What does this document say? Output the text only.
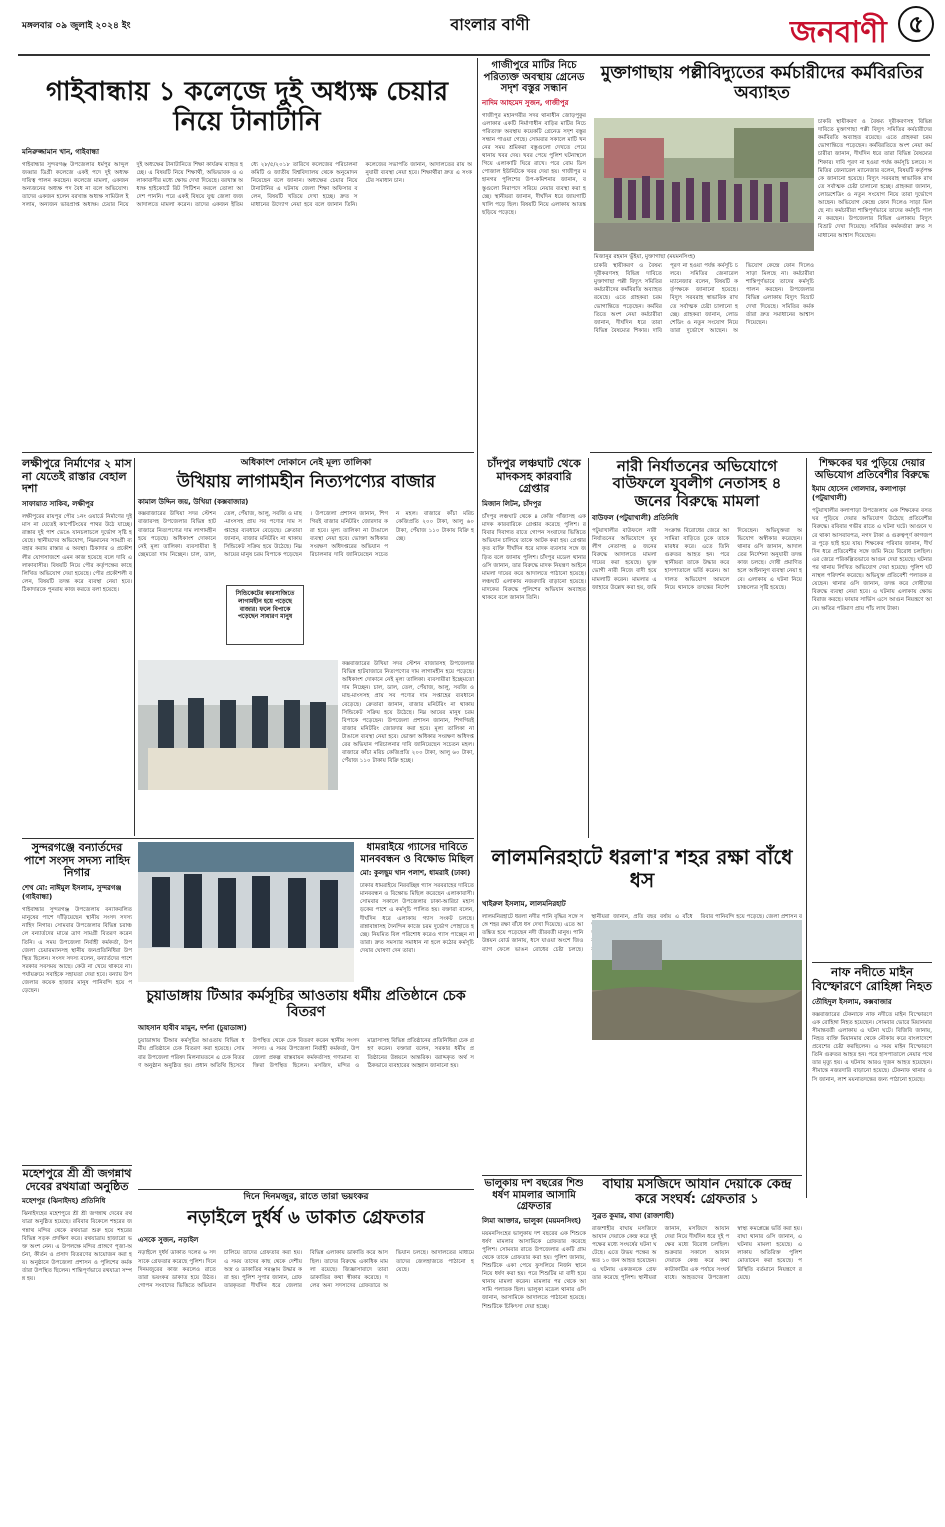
মঙ্গলবার ০৯ জুলাই ২০২৪ ইং	বাংলার বাণী	জনবাণী ৫
গাইবান্ধায় ১ কলেজে দুই অধ্যক্ষ চেয়ার নিয়ে টানাটানি
মনিরুজ্জামান খান, গাইবান্ধা
গাইবান্ধার সুন্দরগঞ্জ উপজেলার ধর্মপুর আব্দুল জব্বার ডিগ্রী কলেজে একই পদে দুই অধ্যক্ষ দায়িত্ব পালন করছেন। কলেজে মামলা, একজন অন্যজনের অধ্যক্ষ পদ বৈধ না বলে অভিযোগ। তাদের একজন হলেন বরখাস্ত অধ্যক্ষ সামিউল ইসলাম, অন্যজন ভারপ্রাপ্ত অধ্যক্ষ। চেয়ার নিয়ে দুই অধ্যক্ষের টানাটানিতে শিক্ষা কার্যক্রম ব্যাহত হচ্ছে। এ বিষয়টি নিয়ে শিক্ষার্থী, অভিভাবক ও এলাকাবাসীর মধ্যে ক্ষোভ দেখা দিয়েছে। বরখাস্ত অধ্যক্ষ হাইকোর্টে রিট পিটিশন করলে তোলা আদেশ পাননি। পরে একই বিষয়ে যুগ্ম জেলা জজ আদালতে মামলা করেন। তাদের একজন ইতিমধ্যে ২৮/৫/২০১৮ তারিখে কলেজের পরিচালনা কমিটি ও জাতীয় বিশ্ববিদ্যালয় থেকে অনুমোদন নিয়েছেন বলে জানান। অধ্যক্ষের চেয়ার নিয়ে টানাটানির এ ঘটনায় জেলা শিক্ষা অফিসার বলেন, বিষয়টি খতিয়ে দেখা হচ্ছে। দ্রুত সমাধানের উদ্যোগ নেয়া হবে বলে জানান তিনি। কলেজের সভাপতি জানান, আদালতের রায় অনুযায়ী ব্যবস্থা নেয়া হবে। শিক্ষার্থীরা দ্রুত এ সংকটের সমাধান চান।
গাজীপুরে মাটির নিচে পরিত্যক্ত অবস্থায় গ্রেনেড সদৃশ বস্তুর সন্ধান
নাদিম আহমেদ সুজন, গাজীপুর
গাজীপুর মহানগরীর সদর থানাধীন জোড়পুকুর এলাকার একটি নির্মাণাধীন বাড়ির মাটির নিচে পরিত্যক্ত অবস্থায় কয়েকটি গ্রেনেড সদৃশ বস্তুর সন্ধান পাওয়া গেছে। সোমবার সকালে মাটি খননের সময় শ্রমিকরা বস্তুগুলো দেখতে পেয়ে থানায় খবর দেয়। খবর পেয়ে পুলিশ ঘটনাস্থলে গিয়ে এলাকাটি ঘিরে রাখে। পরে বোম ডিসপোজাল ইউনিটকে খবর দেয়া হয়। গাজীপুর মহানগর পুলিশের উপ-কমিশনার জানান, বস্তুগুলো নিরাপদে সরিয়ে নেয়ার ব্যবস্থা করা হচ্ছে। স্থানীয়রা জানান, দীর্ঘদিন ধরে জায়গাটি খালি পড়ে ছিল। বিষয়টি নিয়ে এলাকায় আতঙ্ক ছড়িয়ে পড়েছে।
মুক্তাগাছায় পল্লীবিদ্যুতের কর্মচারীদের কর্মবিরতির অব্যাহত
মিজানুর রহমান ভুঁইয়া, মুক্তাগাছা (ময়মনসিংহ)
চাকরি স্থায়ীকরণ ও বৈষম্য দূরীকরণসহ বিভিন্ন দাবিতে মুক্তাগাছা পল্লী বিদ্যুৎ সমিতির কর্মচারীদের কর্মবিরতি অব্যাহত রয়েছে। এতে গ্রাহকরা চরম ভোগান্তিতে পড়েছেন। কর্মবিরতিতে অংশ নেয়া কর্মচারীরা জানান, দীর্ঘদিন ধরে তারা বিভিন্ন বৈষম্যের শিকার। দাবি পূরণ না হওয়া পর্যন্ত কর্মসূচি চলবে। সমিতির জেনারেল ম্যানেজার বলেন, বিষয়টি কর্তৃপক্ষকে জানানো হয়েছে। বিদ্যুৎ সরবরাহ স্বাভাবিক রাখতে সর্বাত্মক চেষ্টা চালানো হচ্ছে। গ্রাহকরা জানান, লোডশেডিং ও নতুন সংযোগ নিয়ে তারা দুর্ভোগে আছেন। অভিযোগ কেন্দ্রে ফোন দিলেও সাড়া মিলছে না। কর্মচারীরা শান্তিপূর্ণভাবে তাদের কর্মসূচি পালন করছেন। উপজেলার বিভিন্ন এলাকায় বিদ্যুৎ বিভ্রাট দেখা দিয়েছে। সমিতির কর্মকর্তারা দ্রুত সমাধানের আশ্বাস দিয়েছেন।
চাকরি স্থায়ীকরণ ও বৈষম্য দূরীকরণসহ বিভিন্ন দাবিতে মুক্তাগাছা পল্লী বিদ্যুৎ সমিতির কর্মচারীদের কর্মবিরতি অব্যাহত রয়েছে। এতে গ্রাহকরা চরম ভোগান্তিতে পড়েছেন। কর্মবিরতিতে অংশ নেয়া কর্মচারীরা জানান, দীর্ঘদিন ধরে তারা বিভিন্ন বৈষম্যের শিকার। দাবি পূরণ না হওয়া পর্যন্ত কর্মসূচি চলবে। সমিতির জেনারেল ম্যানেজার বলেন, বিষয়টি কর্তৃপক্ষকে জানানো হয়েছে। বিদ্যুৎ সরবরাহ স্বাভাবিক রাখতে সর্বাত্মক চেষ্টা চালানো হচ্ছে। গ্রাহকরা জানান, লোডশেডিং ও নতুন সংযোগ নিয়ে তারা দুর্ভোগে আছেন। অভিযোগ কেন্দ্রে ফোন দিলেও সাড়া মিলছে না। কর্মচারীরা শান্তিপূর্ণভাবে তাদের কর্মসূচি পালন করছেন। উপজেলার বিভিন্ন এলাকায় বিদ্যুৎ বিভ্রাট দেখা দিয়েছে। সমিতির কর্মকর্তারা দ্রুত সমাধানের আশ্বাস দিয়েছেন।
লক্ষীপুরে নির্মাণের ২ মাস না যেতেই রাস্তার বেহাল দশা
সাফায়াত সাকিব, লক্ষীপুর
লক্ষীপুরের রায়পুর পৌর ১নং ওয়ার্ডে নির্মাণের দুই মাস না যেতেই কার্পেটিংয়ের পাথর উঠে যাচ্ছে। রাস্তার দুই পাশ ভেঙে যানচলাচলে দুর্ভোগ সৃষ্টি হয়েছে। স্থানীয়দের অভিযোগ, নিম্নমানের সামগ্রী ব্যবহার করায় রাস্তার এ অবস্থা। ঠিকাদার ও প্রকৌশলীর যোগসাজশে এমন কাজ হয়েছে বলে দাবি এলাকাবাসীর। বিষয়টি নিয়ে পৌর কর্তৃপক্ষের কাছে লিখিত অভিযোগ দেয়া হয়েছে। পৌর প্রকৌশলী বলেন, বিষয়টি তদন্ত করে ব্যবস্থা নেয়া হবে। ঠিকাদারকে পুনরায় কাজ করতে বলা হয়েছে।
অধিকাংশ দোকানে নেই মূল্য তালিকা
উখিয়ায় লাগামহীন নিত্যপণ্যের বাজার
কামাল উদ্দিন জয়, উখিয়া (কক্সবাজার)
কক্সবাজারের উখিয়া সদর স্টেশন বাজারসহ উপজেলার বিভিন্ন হাটবাজারে নিত্যপণ্যের দাম লাগামহীন হয়ে পড়েছে। অধিকাংশ দোকানে নেই মূল্য তালিকা। ব্যবসায়ীরা ইচ্ছেমতো দাম নিচ্ছেন। চাল, ডাল, তেল, পেঁয়াজ, আলু, সবজি ও মাছ-মাংসসহ প্রায় সব পণ্যের দাম সপ্তাহের ব্যবধানে বেড়েছে। ক্রেতারা জানান, বাজার মনিটরিং না থাকায় সিন্ডিকেট সক্রিয় হয়ে উঠেছে। নিম্ন আয়ের মানুষ চরম বিপাকে পড়েছেন। উপজেলা প্রশাসন জানান, শিগগিরই বাজার মনিটরিং জোরদার করা হবে। মূল্য তালিকা না টাঙালে ব্যবস্থা নেয়া হবে। ভোক্তা অধিকার সংরক্ষণ অধিদপ্তরের অভিযান পরিচালনার দাবি জানিয়েছেন সচেতন মহল। বাজারে কাঁচা মরিচ কেজিপ্রতি ২০০ টাকা, আলু ৬০ টাকা, পেঁয়াজ ১১০ টাকায় বিক্রি হচ্ছে।
সিন্ডিকেটের কারসাজিতে লাগামহীন হয়ে পড়েছে বাজার। ফলে বিপাকে পড়েছেন সাধারণ মানুষ
কক্সবাজারের উখিয়া সদর স্টেশন বাজারসহ উপজেলার বিভিন্ন হাটবাজারে নিত্যপণ্যের দাম লাগামহীন হয়ে পড়েছে। অধিকাংশ দোকানে নেই মূল্য তালিকা। ব্যবসায়ীরা ইচ্ছেমতো দাম নিচ্ছেন। চাল, ডাল, তেল, পেঁয়াজ, আলু, সবজি ও মাছ-মাংসসহ প্রায় সব পণ্যের দাম সপ্তাহের ব্যবধানে বেড়েছে। ক্রেতারা জানান, বাজার মনিটরিং না থাকায় সিন্ডিকেট সক্রিয় হয়ে উঠেছে। নিম্ন আয়ের মানুষ চরম বিপাকে পড়েছেন। উপজেলা প্রশাসন জানান, শিগগিরই বাজার মনিটরিং জোরদার করা হবে। মূল্য তালিকা না টাঙালে ব্যবস্থা নেয়া হবে। ভোক্তা অধিকার সংরক্ষণ অধিদপ্তরের অভিযান পরিচালনার দাবি জানিয়েছেন সচেতন মহল। বাজারে কাঁচা মরিচ কেজিপ্রতি ২০০ টাকা, আলু ৬০ টাকা, পেঁয়াজ ১১০ টাকায় বিক্রি হচ্ছে।
চাঁদপুর লঞ্চঘাট থেকে মাদকসহ কারবারি গ্রেপ্তার
মিজান লিটন, চাঁদপুর
চাঁদপুর লঞ্চঘাট থেকে ৪ কেজি গাঁজাসহ এক মাদক কারবারিকে গ্রেপ্তার করেছে পুলিশ। রবিবার দিবাগত রাতে গোপন সংবাদের ভিত্তিতে অভিযান চালিয়ে তাকে আটক করা হয়। গ্রেপ্তারকৃত ব্যক্তি দীর্ঘদিন ধরে মাদক ব্যবসার সঙ্গে জড়িত বলে জানায় পুলিশ। চাঁদপুর মডেল থানার ওসি জানান, তার বিরুদ্ধে মাদক নিয়ন্ত্রণ আইনে মামলা দায়ের করে আদালতে পাঠানো হয়েছে। লঞ্চঘাট এলাকায় নজরদারি বাড়ানো হয়েছে। মাদকের বিরুদ্ধে পুলিশের অভিযান অব্যাহত থাকবে বলে জানান তিনি।
নারী নির্যাতনের অভিযোগে বাউফলে যুবলীগ নেতাসহ ৪ জনের বিরুদ্ধে মামলা
বাউফল (পটুয়াখালী) প্রতিনিধি
পটুয়াখালীর বাউফলে নারী নির্যাতনের অভিযোগে যুবলীগ নেতাসহ ৪ জনের বিরুদ্ধে আদালতে মামলা দায়ের করা হয়েছে। ভুক্তভোগী নারী নিজে বাদী হয়ে মামলাটি করেন। মামলার এজাহারে উল্লেখ করা হয়, জমি সংক্রান্ত বিরোধের জেরে আসামিরা বাড়িতে ঢুকে তাকে মারধর করে। এতে তিনি গুরুতর আহত হন। পরে স্থানীয়রা তাকে উদ্ধার করে হাসপাতালে ভর্তি করেন। আদালত অভিযোগ আমলে নিয়ে থানাকে তদন্তের নির্দেশ দিয়েছেন। অভিযুক্তরা অভিযোগ অস্বীকার করেছেন। থানার ওসি জানান, আদালতের নির্দেশনা অনুযায়ী তদন্ত কাজ চলছে। দোষী প্রমাণিত হলে আইনানুগ ব্যবস্থা নেয়া হবে। এলাকায় এ ঘটনা নিয়ে চাঞ্চল্যের সৃষ্টি হয়েছে।
শিক্ষকের ঘর পুড়িয়ে দেয়ার অভিযোগ প্রতিবেশীর বিরুদ্ধে
ইমাম হোসেন গোলদার, কলাপাড়া (পটুয়াখালী)
পটুয়াখালীর কলাপাড়া উপজেলায় এক শিক্ষকের বসতঘর পুড়িয়ে দেয়ার অভিযোগ উঠেছে প্রতিবেশীর বিরুদ্ধে। রবিবার গভীর রাতে এ ঘটনা ঘটে। আগুনে ঘরে থাকা আসবাবপত্র, নগদ টাকা ও গুরুত্বপূর্ণ কাগজপত্র পুড়ে ছাই হয়ে যায়। শিক্ষকের পরিবার জানান, দীর্ঘদিন ধরে প্রতিবেশীর সঙ্গে জমি নিয়ে বিরোধ চলছিল। এর জেরে পরিকল্পিতভাবে আগুন দেয়া হয়েছে। ঘটনার পর থানায় লিখিত অভিযোগ দেয়া হয়েছে। পুলিশ ঘটনাস্থল পরিদর্শন করেছে। অভিযুক্ত প্রতিবেশী পলাতক রয়েছেন। থানার ওসি জানান, তদন্ত করে দোষীদের বিরুদ্ধে ব্যবস্থা নেয়া হবে। এ ঘটনায় এলাকায় ক্ষোভ বিরাজ করছে। ফায়ার সার্ভিস এসে আগুন নিয়ন্ত্রণে আনে। ক্ষতির পরিমাণ প্রায় পাঁচ লাখ টাকা।
সুন্দরগঞ্জে বন্যার্তদের পাশে সংসদ সদস্য নাহিদ নিগার
শেখ মো: নাঈমুল ইসলাম, সুন্দরগঞ্জ (গাইবান্ধা)
গাইবান্ধার সুন্দরগঞ্জ উপজেলায় বন্যাকবলিত মানুষের পাশে দাঁড়িয়েছেন স্থানীয় সংসদ সদস্য নাহিদ নিগার। সোমবার উপজেলার বিভিন্ন চরাঞ্চলে বন্যার্তদের মাঝে ত্রাণ সামগ্রী বিতরণ করেন তিনি। এ সময় উপজেলা নির্বাহী কর্মকর্তা, উপজেলা চেয়ারম্যানসহ স্থানীয় জনপ্রতিনিধিরা উপস্থিত ছিলেন। সংসদ সদস্য বলেন, বন্যার্তদের পাশে সরকার সবসময় আছে। কেউ না খেয়ে থাকবে না। পর্যায়ক্রমে সবাইকে সহায়তা দেয়া হবে। বন্যায় উপজেলার কয়েক হাজার মানুষ পানিবন্দি হয়ে পড়েছেন।
ধামরাইয়ে গ্যাসের দাবিতে মানববন্ধন ও বিক্ষোভ মিছিল
মো: কুলছুম খান পলাশ, ধামরাই (ঢাকা)
ঢাকার ধামরাইয়ে নিরবচ্ছিন্ন গ্যাস সরবরাহের দাবিতে মানববন্ধন ও বিক্ষোভ মিছিল করেছেন এলাকাবাসী। সোমবার সকালে উপজেলার ঢাকা-আরিচা মহাসড়কের পাশে এ কর্মসূচি পালিত হয়। বক্তারা বলেন, দীর্ঘদিন ধরে এলাকায় গ্যাস সংকট চলছে। রান্নাবান্নাসহ দৈনন্দিন কাজে চরম দুর্ভোগ পোহাতে হচ্ছে। নিয়মিত বিল পরিশোধ করেও গ্যাস পাচ্ছেন না তারা। দ্রুত সমস্যার সমাধান না হলে কঠোর কর্মসূচি দেয়ার ঘোষণা দেন তারা।
লালমনিরহাটে ধরলা'র শহর রক্ষা বাঁধে ধস
খাইরুল ইসলাম, লালমনিরহাট
লালমনিরহাটে ধরলা নদীর পানি বৃদ্ধির সঙ্গে সঙ্গে শহর রক্ষা বাঁধে ধস দেখা দিয়েছে। এতে আতঙ্কিত হয়ে পড়েছেন নদী তীরবর্তী মানুষ। পানি উন্নয়ন বোর্ড জানায়, ধসে যাওয়া অংশে জিওব্যাগ ফেলে ভাঙন রোধের চেষ্টা চলছে। স্থানীয়রা জানান, প্রতি বছর বর্ষায় এ বাঁধে                        রিবার পানিবন্দি হয়ে পড়েছে। জেলা প্রশাসন ব
চুয়াডাঙ্গায় টিআর কর্মসূচির আওতায় ধর্মীয় প্রতিষ্ঠানে চেক বিতরণ
আহসান হাবীব মামুন, দর্শনা (চুয়াডাঙ্গা)
চুয়াডাঙ্গায় টিআর কর্মসূচির আওতায় বিভিন্ন ধর্মীয় প্রতিষ্ঠানে চেক বিতরণ করা হয়েছে। সোমবার উপজেলা পরিষদ মিলনায়তনে এ চেক বিতরণ অনুষ্ঠান অনুষ্ঠিত হয়। প্রধান অতিথি হিসেবে উপস্থিত থেকে চেক বিতরণ করেন স্থানীয় সংসদ সদস্য। এ সময় উপজেলা নির্বাহী কর্মকর্তা, উপজেলা প্রকল্প বাস্তবায়ন কর্মকর্তাসহ গণ্যমান্য ব্যক্তিরা উপস্থিত ছিলেন। মসজিদ, মন্দির ও মাদ্রাসাসহ বিভিন্ন প্রতিষ্ঠানের প্রতিনিধিরা চেক গ্রহণ করেন। বক্তারা বলেন, সরকার ধর্মীয় প্রতিষ্ঠানের উন্নয়নে আন্তরিক। বরাদ্দকৃত অর্থ সঠিকভাবে ব্যবহারের আহ্বান জানানো হয়।
নাফ নদীতে মাইন বিস্ফোরণে রোহিঙ্গা নিহত
তৌহিদুল ইসলাম, কক্সবাজার
কক্সবাজারের টেকনাফে নাফ নদীতে মাইন বিস্ফোরণে এক রোহিঙ্গা নিহত হয়েছেন। সোমবার ভোরে মিয়ানমার সীমান্তবর্তী এলাকায় এ ঘটনা ঘটে। বিজিবি জানায়, নিহত ব্যক্তি মিয়ানমার থেকে নৌকায় করে বাংলাদেশে প্রবেশের চেষ্টা করছিলেন। এ সময় মাইন বিস্ফোরণে তিনি গুরুতর আহত হন। পরে হাসপাতালে নেয়ার পথে তার মৃত্যু হয়। এ ঘটনায় আরও দুজন আহত হয়েছেন। সীমান্তে নজরদারি বাড়ানো হয়েছে। টেকনাফ থানার ওসি জানান, লাশ ময়নাতদন্তের জন্য পাঠানো হয়েছে।
মহেশপুরে শ্রী শ্রী জগন্নাথ দেবের রথযাত্রা অনুষ্ঠিত
মহেশপুর (ঝিনাইদহ) প্রতিনিধি
ঝিনাইদহের মহেশপুরে শ্রী শ্রী জগন্নাথ দেবের রথযাত্রা অনুষ্ঠিত হয়েছে। রবিবার বিকেলে শহরের জগন্নাথ মন্দির থেকে রথযাত্রা শুরু হয়ে শহরের বিভিন্ন সড়ক প্রদক্ষিণ করে। রথযাত্রায় হাজারো ভক্ত অংশ নেন। এ উপলক্ষে মন্দির প্রাঙ্গণে পূজা-অর্চনা, কীর্তন ও প্রসাদ বিতরণের আয়োজন করা হয়। অনুষ্ঠানে উপজেলা প্রশাসন ও পুলিশের কর্মকর্তারা উপস্থিত ছিলেন। শান্তিপূর্ণভাবে রথযাত্রা সম্পন্ন হয়।
দিনে দিনমজুর, রাতে তারা ভয়ংকর
নড়াইলে দুর্ধর্ষ ৬ ডাকাত গ্রেফতার
এসকে সুজন, নড়াইল
নড়াইলে দুর্ধর্ষ ডাকাত দলের ৬ সদস্যকে গ্রেফতার করেছে পুলিশ। দিনে দিনমজুরের কাজ করলেও রাতে তারা ভয়ংকর ডাকাত হয়ে উঠত। গোপন সংবাদের ভিত্তিতে অভিযান চালিয়ে তাদের গ্রেফতার করা হয়। এ সময় তাদের কাছ থেকে দেশীয় অস্ত্র ও ডাকাতির সরঞ্জাম উদ্ধার করা হয়। পুলিশ সুপার জানান, গ্রেফতারকৃতরা দীর্ঘদিন ধরে জেলার বিভিন্ন এলাকায় ডাকাতি করে আসছিল। তাদের বিরুদ্ধে একাধিক মামলা রয়েছে। জিজ্ঞাসাবাদে তারা ডাকাতির কথা স্বীকার করেছে। দলের অন্য সদস্যদের গ্রেফতারে অভিযান চলছে। আদালতের মাধ্যমে তাদের জেলহাজতে পাঠানো হয়েছে।
ভালুকায় দশ বছরের শিশু ধর্ষণ মামলার আসামি গ্রেফতার
লিমা আক্তার, ভালুকা (ময়মনসিংহ)
ময়মনসিংহের ভালুকায় দশ বছরের এক শিশুকে ধর্ষণ মামলার আসামিকে গ্রেফতার করেছে পুলিশ। সোমবার রাতে উপজেলার একটি গ্রাম থেকে তাকে গ্রেফতার করা হয়। পুলিশ জানায়, শিশুটিকে একা পেয়ে ফুসলিয়ে নির্জন স্থানে নিয়ে ধর্ষণ করা হয়। পরে শিশুটির মা বাদী হয়ে থানায় মামলা করেন। মামলার পর থেকে আসামি পলাতক ছিল। ভালুকা মডেল থানার ওসি জানান, আসামিকে আদালতে পাঠানো হয়েছে। শিশুটিকে চিকিৎসা দেয়া হচ্ছে।
বাঘায় মসজিদে আযান দেয়াকে কেন্দ্র করে সংঘর্ষ: গ্রেফতার ১
সুব্রত কুমার, বাঘা (রাজশাহী)
রাজশাহীর বাঘায় মসজিদে আযান দেয়াকে কেন্দ্র করে দুই পক্ষের মধ্যে সংঘর্ষের ঘটনা ঘটেছে। এতে উভয় পক্ষের অন্তত ১০ জন আহত হয়েছেন। এ ঘটনায় একজনকে গ্রেফতার করেছে পুলিশ। স্থানীয়রা জানান, মসজিদে আযান দেয়া নিয়ে দীর্ঘদিন ধরে দুই পক্ষের মধ্যে বিরোধ চলছিল। শুক্রবার সকালে আযান দেয়াকে কেন্দ্র করে কথা কাটাকাটির এক পর্যায়ে সংঘর্ষ বাধে। আহতদের উপজেলা স্বাস্থ্য কমপ্লেক্সে ভর্তি করা হয়। বাঘা থানার ওসি জানান, এ ঘটনায় মামলা হয়েছে। এলাকায় অতিরিক্ত পুলিশ মোতায়েন করা হয়েছে। পরিস্থিতি বর্তমানে নিয়ন্ত্রণে রয়েছে।
